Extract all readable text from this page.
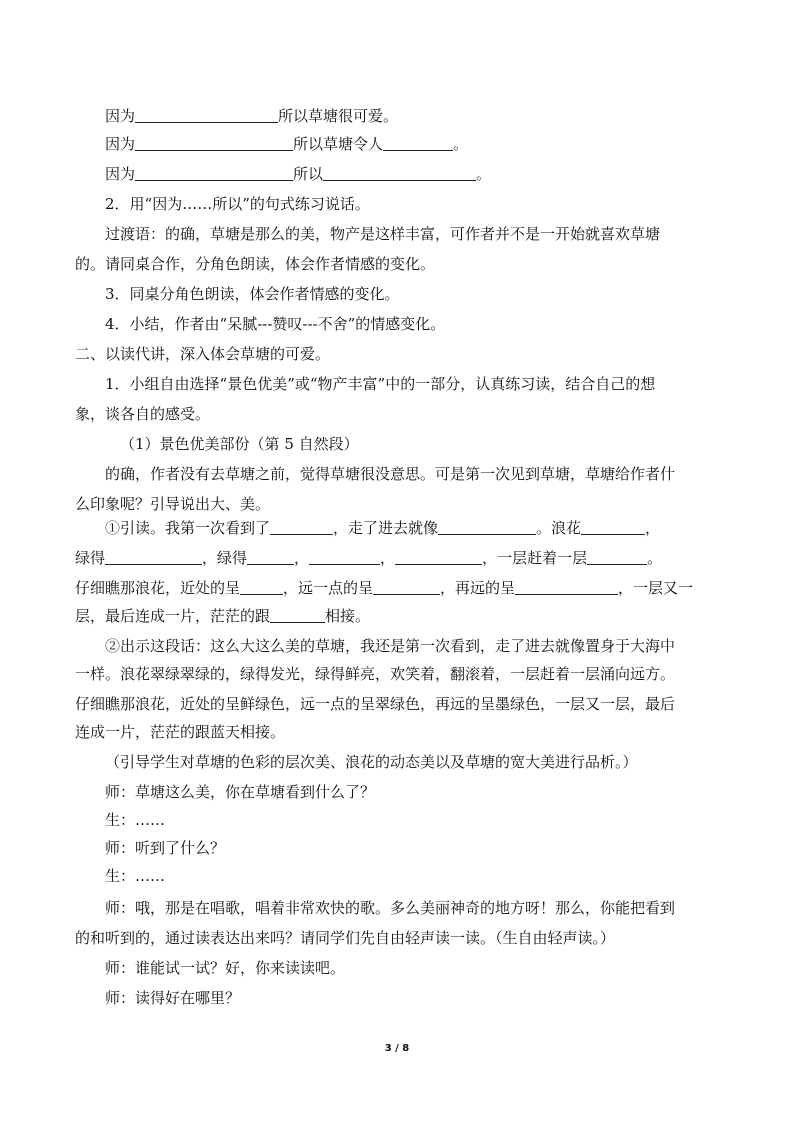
因为	所以草塘很可爱。
因为	所以草塘令人	。
因为	所以	。
2．用“因为……所以”的句式练习说话。
过渡语：的确，草塘是那么的美，物产是这样丰富，可作者并不是一开始就喜欢草塘
的。请同桌合作，分角色朗读，体会作者情感的变化。
3．同桌分角色朗读，体会作者情感的变化。
4．小结，作者由“呆腻---赞叹---不舍”的情感变化。
二、以读代讲，深入体会草塘的可爱。
1．小组自由选择“景色优美”或“物产丰富”中的一部分，认真练习读，结合自己的想
象，谈各自的感受。
（1）景色优美部份（第 5 自然段）
的确，作者没有去草塘之前，觉得草塘很没意思。可是第一次见到草塘，草塘给作者什
么印象呢？引导说出大、美。
①引读。我第一次看到了	，走了进去就像	。浪花	，
绿得	，绿得	，	，	，一层赶着一层	。
仔细瞧那浪花，近处的呈	，远一点的呈	，再远的呈	，一层又一
层，最后连成一片，茫茫的跟	相接。
②出示这段话：这么大这么美的草塘，我还是第一次看到，走了进去就像置身于大海中
一样。浪花翠绿翠绿的，绿得发光，绿得鲜亮，欢笑着，翻滚着，一层赶着一层涌向远方。
仔细瞧那浪花，近处的呈鲜绿色，远一点的呈翠绿色，再远的呈墨绿色，一层又一层，最后
连成一片，茫茫的跟蓝天相接。
（引导学生对草塘的色彩的层次美、浪花的动态美以及草塘的宽大美进行品析。）
师：草塘这么美，你在草塘看到什么了？
生：……
师：听到了什么？
生：……
师：哦，那是在唱歌，唱着非常欢快的歌。多么美丽神奇的地方呀！那么，你能把看到
的和听到的，通过读表达出来吗？请同学们先自由轻声读一读。（生自由轻声读。）
师：谁能试一试？好，你来读读吧。
师：读得好在哪里？
3 / 8
